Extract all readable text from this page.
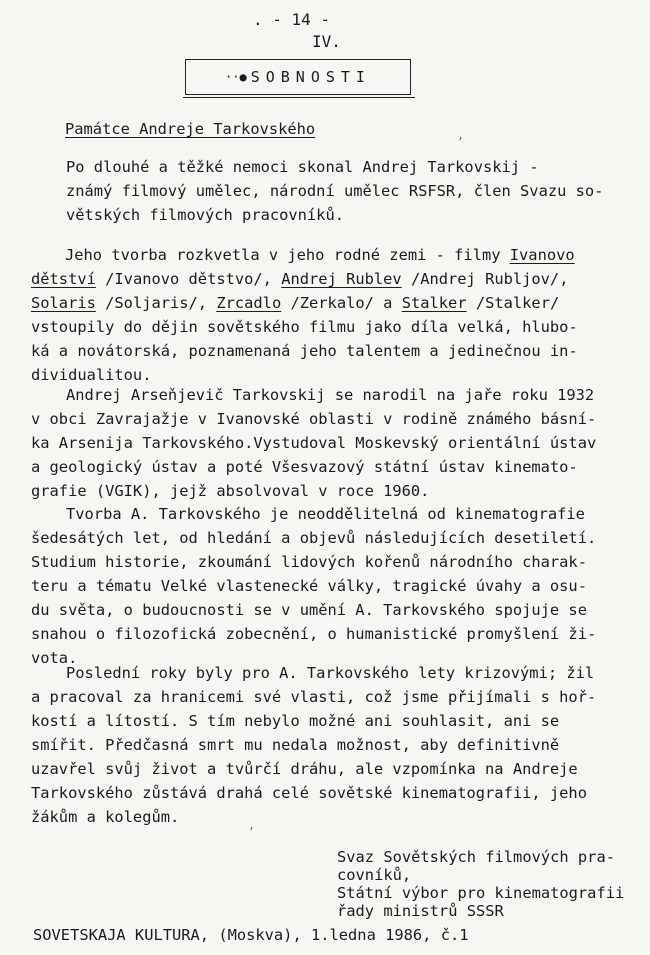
. - 14 -
IV.
··● SOBNOSTI
Památce Andreje Tarkovského
Po dlouhé a těžké nemoci skonal Andrej Tarkovskij -
známý filmový umělec, národní umělec RSFSR, člen Svazu so-
větských filmových pracovníků.
Jeho tvorba rozkvetla v jeho rodné zemi - filmy Ivanovo
dětství /Ivanovo dětstvo/, Andrej Rublev /Andrej Rubljov/,
Solaris /Soljaris/, Zrcadlo /Zerkalo/ a Stalker /Stalker/
vstoupily do dějin sovětského filmu jako díla velká, hlubo-
ká a novátorská, poznamenaná jeho talentem a jedinečnou in-
dividualitou.
Andrej Arseňjevič Tarkovskij se narodil na jaře roku 1932
v obci Zavrajažje v Ivanovské oblasti v rodině známého básní-
ka Arsenija Tarkovského.Vystudoval Moskevský orientální ústav
a geologický ústav a poté Všesvazový státní ústav kinemato-
grafie (VGIK), jejž absolvoval v roce 1960.
Tvorba A. Tarkovského je neoddělitelná od kinematografie
šedesátých let, od hledání a objevů následujících desetiletí.
Studium historie, zkoumání lidových kořenů národního charak-
teru a tématu Velké vlastenecké války, tragické úvahy a osu-
du světa, o budoucnosti se v umění A. Tarkovského spojuje se
snahou o filozofická zobecnění, o humanistické promyšlení ži-
vota.
Poslední roky byly pro A. Tarkovského lety krizovými; žil
a pracoval za hranicemi své vlasti, což jsme přijímali s hoř-
kostí a lítostí. S tím nebylo možné ani souhlasit, ani se
smířit. Předčasná smrt mu nedala možnost, aby definitivně
uzavřel svůj život a tvůrčí dráhu, ale vzpomínka na Andreje
Tarkovského zůstává drahá celé sovětské kinematografii, jeho
žákům a kolegům.
Svaz Sovětských filmových pra-
covníků,
Státní výbor pro kinematografii
řady ministrů SSSR
SOVETSKAJA KULTURA, (Moskva), 1.ledna 1986, č.1
,
,
